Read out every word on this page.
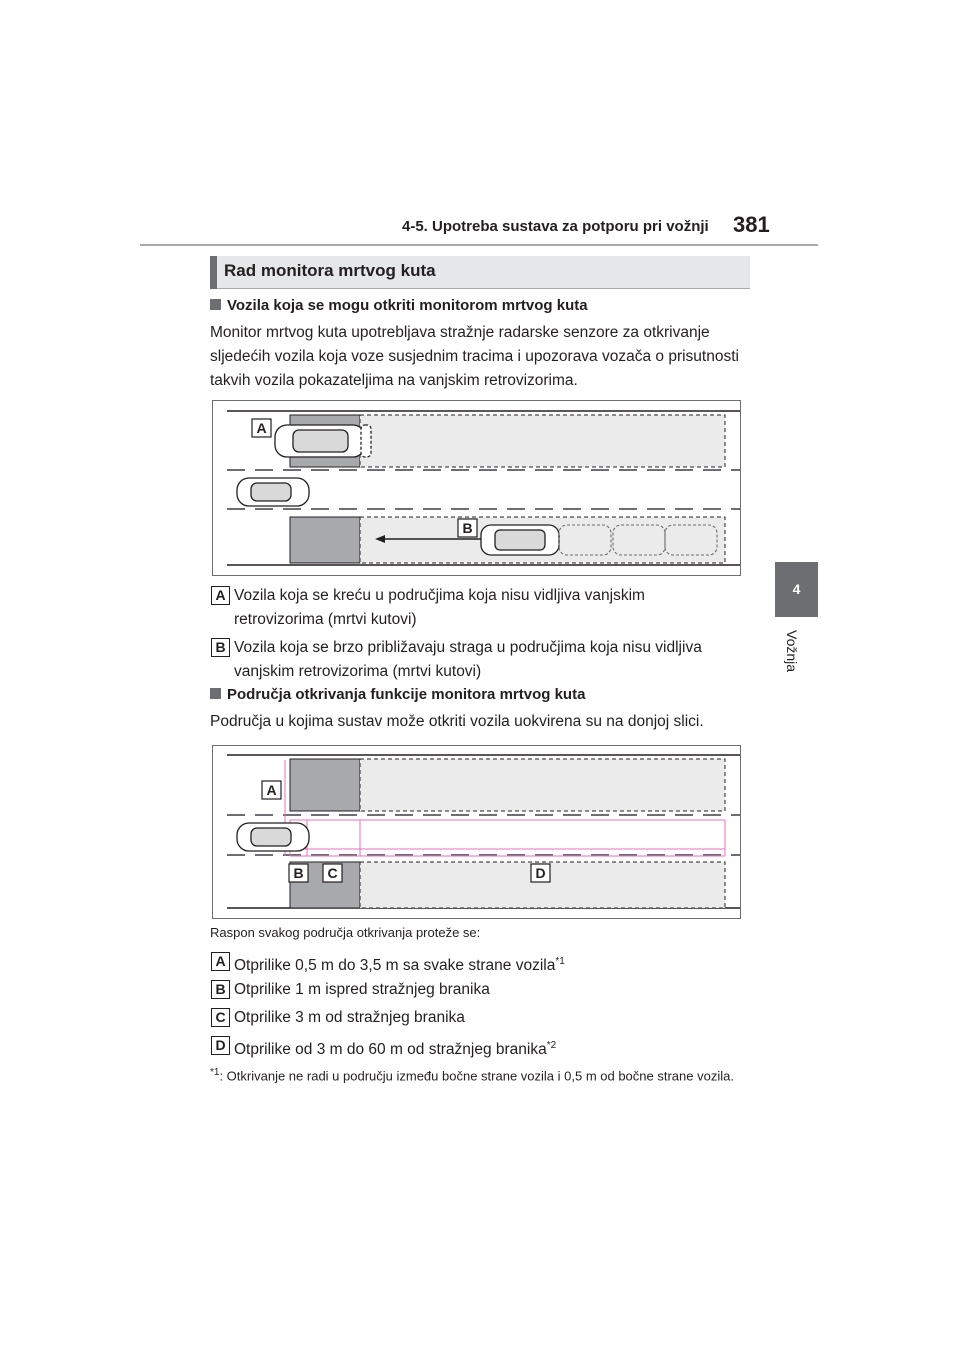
4-5. Upotreba sustava za potporu pri vožnji 381
4
Vožnja
Rad monitora mrtvog kuta
Vozila koja se mogu otkriti monitorom mrtvog kuta
Monitor mrtvog kuta upotrebljava stražnje radarske senzore za otkrivanje sljedećih vozila koja voze susjednim tracima i upozorava vozača o prisutnosti takvih vozila pokazateljima na vanjskim retrovizorima.
A
B
A Vozila koja se kreću u područjima koja nisu vidljiva vanjskim retrovizorima (mrtvi kutovi)
B Vozila koja se brzo približavaju straga u područjima koja nisu vidljiva vanjskim retrovizorima (mrtvi kutovi)
Područja otkrivanja funkcije monitora mrtvog kuta
Područja u kojima sustav može otkriti vozila uokvirena su na donjoj slici.
A
B C	D
Raspon svakog područja otkrivanja proteže se:
A Otprilike 0,5 m do 3,5 m sa svake strane vozila$^{*1}$
B Otprilike 1 m ispred stražnjeg branika
C Otprilike 3 m od stražnjeg branika
D Otprilike od 3 m do 60 m od stražnjeg branika$^{*2}$
$^{*1}$: Otkrivanje ne radi u području između bočne strane vozila i 0,5 m od bočne strane vozila.
